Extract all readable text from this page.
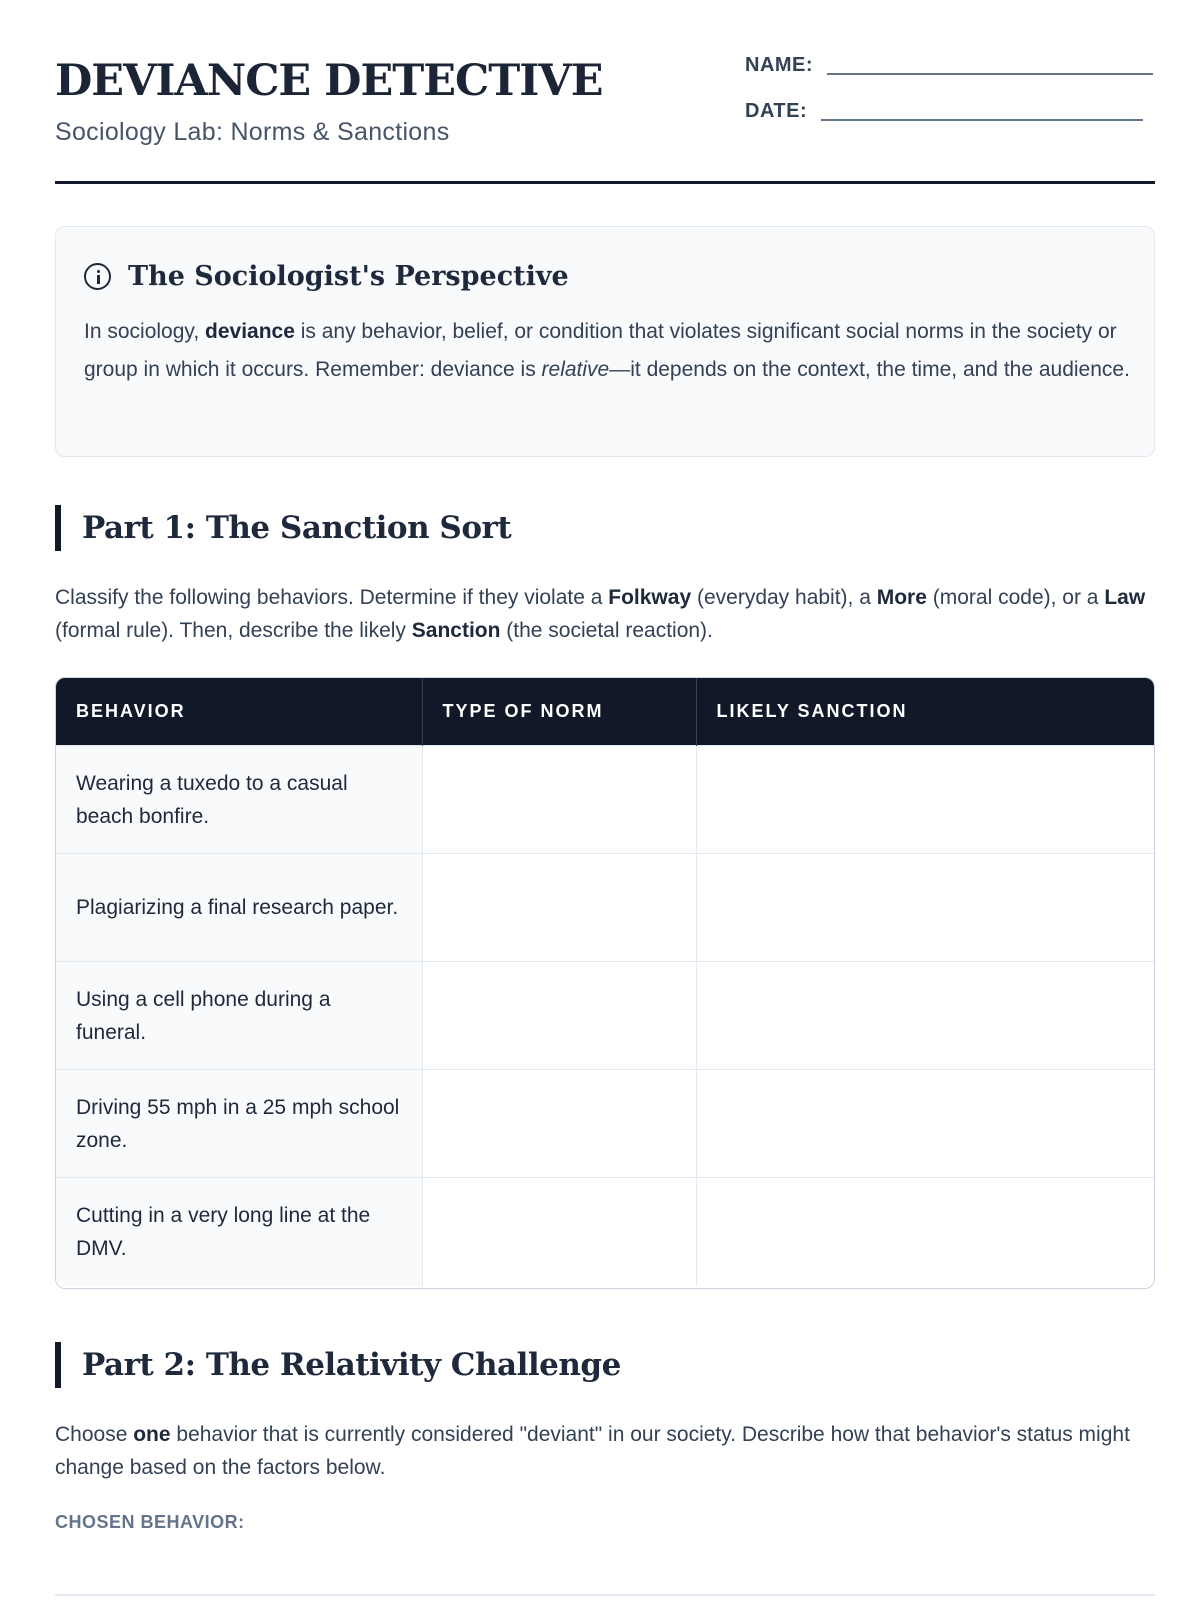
DEVIANCE DETECTIVE
Sociology Lab: Norms & Sanctions
NAME:
DATE:
The Sociologist's Perspective
In sociology, deviance is any behavior, belief, or condition that violates significant social norms in the society or group in which it occurs. Remember: deviance is relative—it depends on the context, the time, and the audience.
Part 1: The Sanction Sort
Classify the following behaviors. Determine if they violate a Folkway (everyday habit), a More (moral code), or a Law (formal rule). Then, describe the likely Sanction (the societal reaction).
BEHAVIOR	TYPE OF NORM	LIKELY SANCTION
Wearing a tuxedo to a casual beach bonfire.		
Plagiarizing a final research paper.		
Using a cell phone during a funeral.		
Driving 55 mph in a 25 mph school zone.		
Cutting in a very long line at the DMV.		
Part 2: The Relativity Challenge
Choose one behavior that is currently considered "deviant" in our society. Describe how that behavior's status might change based on the factors below.
CHOSEN BEHAVIOR:
